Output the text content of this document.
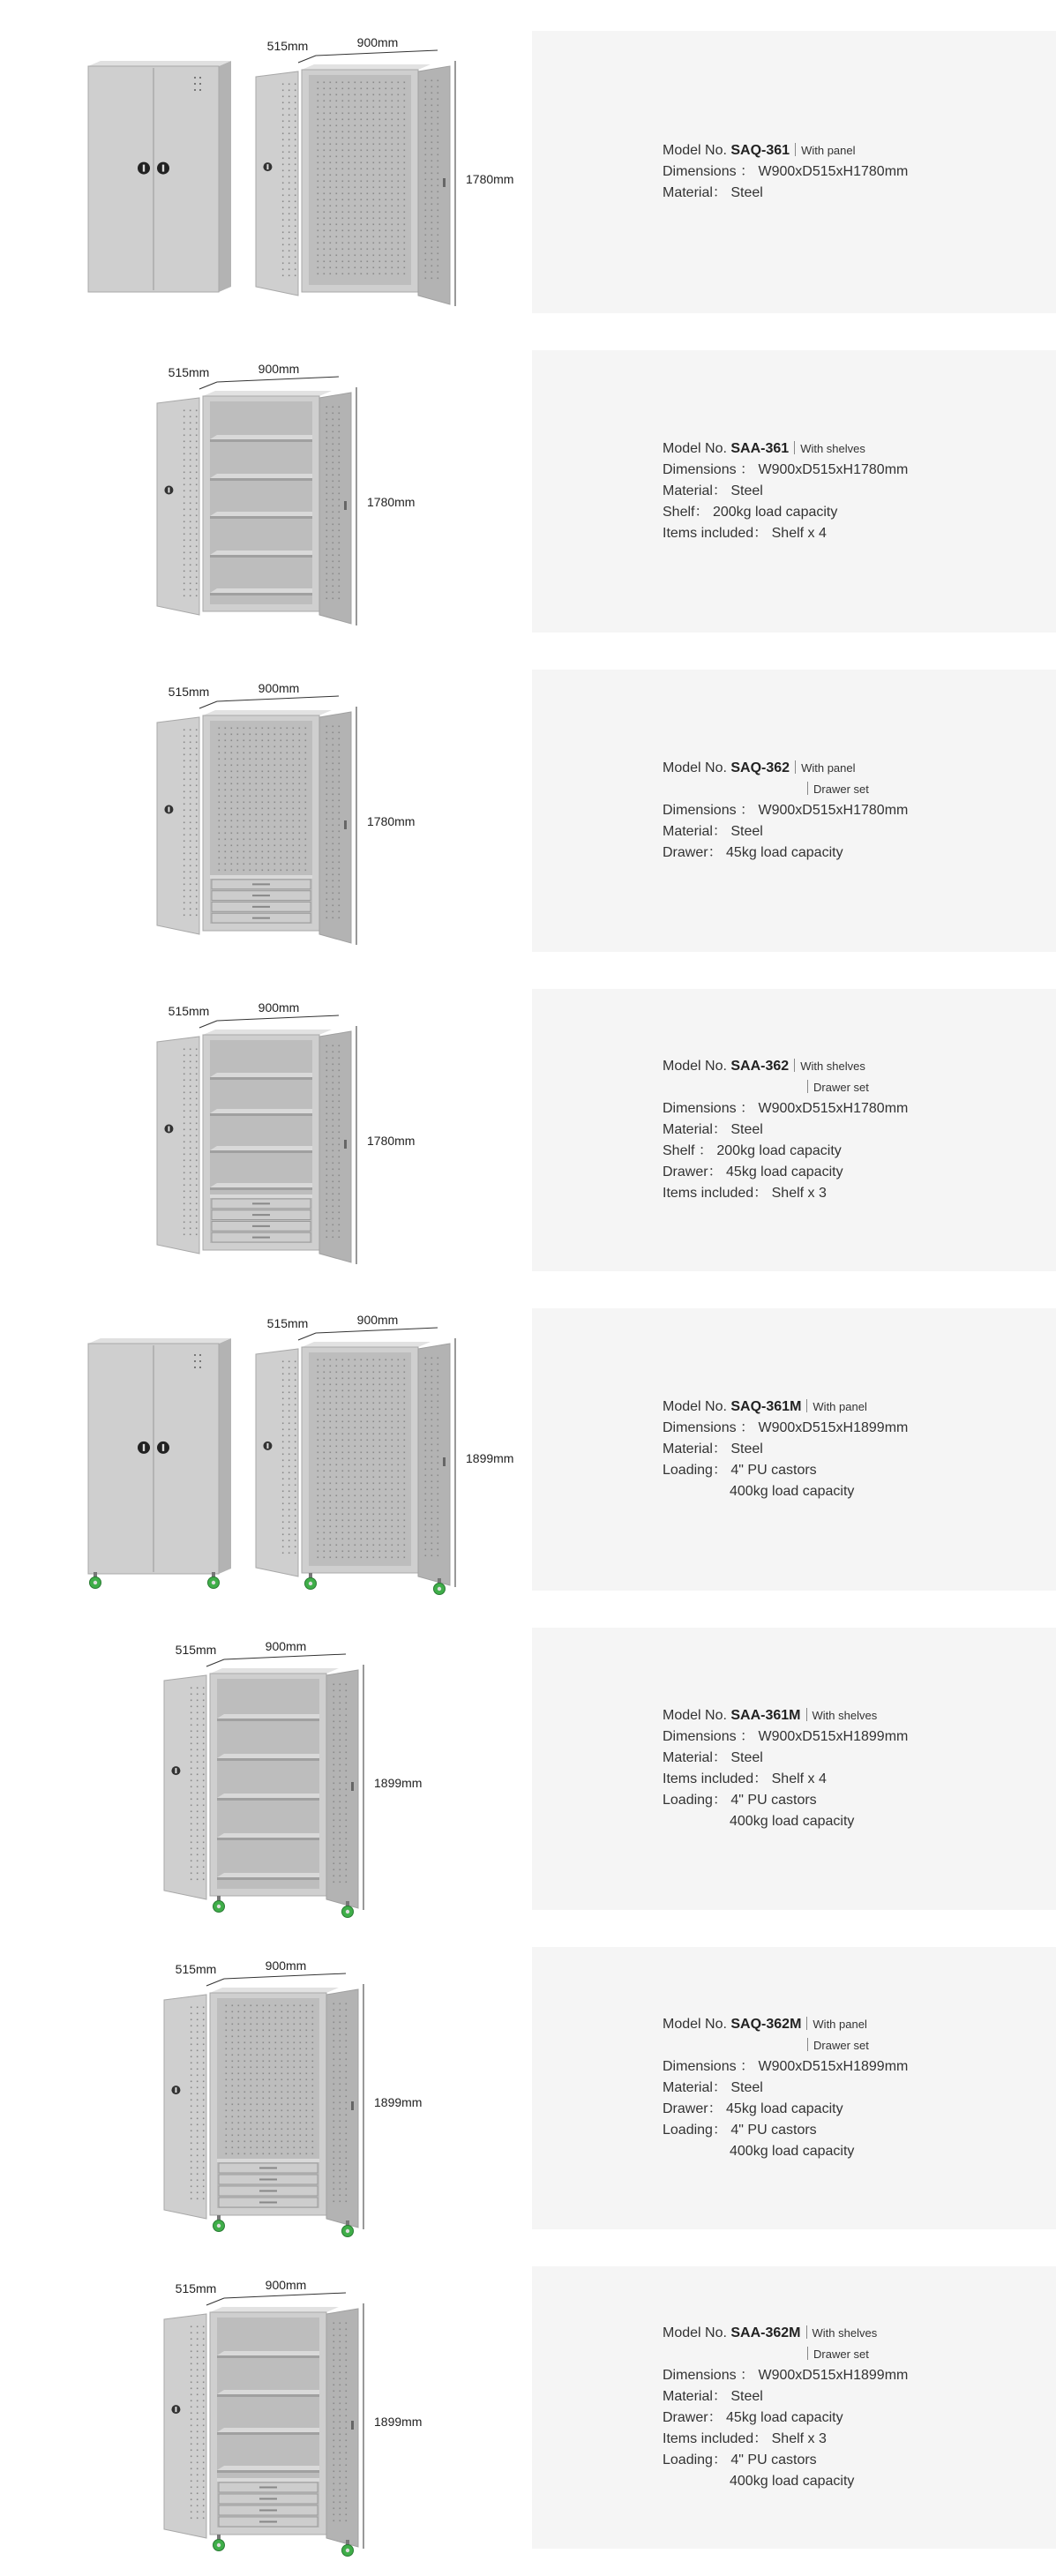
515mm	900mm
1780mm
Model No. SAQ-361 With panel
Dimensions ： W900xD515xH1780mm
Material： Steel
515mm	900mm
1780mm
Model No. SAA-361 With shelves
Dimensions ： W900xD515xH1780mm
Material： Steel
Shelf： 200kg load capacity
Items included： Shelf x 4
515mm	900mm
1780mm
Model No. SAQ-362 With panel
Drawer set
Dimensions ： W900xD515xH1780mm
Material： Steel
Drawer： 45kg load capacity
515mm	900mm
1780mm
Model No. SAA-362 With shelves
Drawer set
Dimensions ： W900xD515xH1780mm
Material： Steel
Shelf ： 200kg load capacity
Drawer： 45kg load capacity
Items included： Shelf x 3
515mm	900mm
1899mm
Model No. SAQ-361M With panel
Dimensions ： W900xD515xH1899mm
Material： Steel
Loading： 4" PU castors
400kg load capacity
515mm	900mm
1899mm
Model No. SAA-361M With shelves
Dimensions ： W900xD515xH1899mm
Material： Steel
Items included： Shelf x 4
Loading： 4" PU castors
400kg load capacity
515mm	900mm
1899mm
Model No. SAQ-362M With panel
Drawer set
Dimensions ： W900xD515xH1899mm
Material： Steel
Drawer： 45kg load capacity
Loading： 4" PU castors
400kg load capacity
515mm	900mm
1899mm
Model No. SAA-362M With shelves
Drawer set
Dimensions ： W900xD515xH1899mm
Material： Steel
Drawer： 45kg load capacity
Items included： Shelf x 3
Loading： 4" PU castors
400kg load capacity
